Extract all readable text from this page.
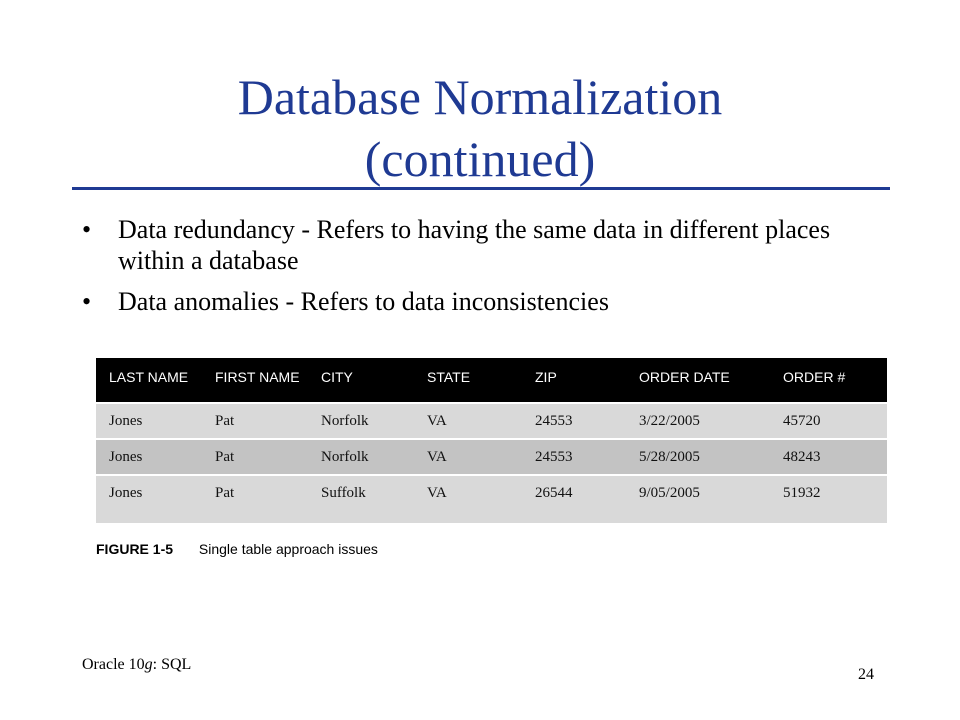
Database Normalization
(continued)
• Data redundancy - Refers to having the same data in different places within a database
• Data anomalies - Refers to data inconsistencies
LAST NAME	FIRST NAME	CITY	STATE	ZIP	ORDER DATE	ORDER #
Jones	Pat	Norfolk	VA	24553	3/22/2005	45720
Jones	Pat	Norfolk	VA	24553	5/28/2005	48243
Jones	Pat	Suffolk	VA	26544	9/05/2005	51932

FIGURE 1-5 Single table approach issues
Oracle 10g: SQL
24
